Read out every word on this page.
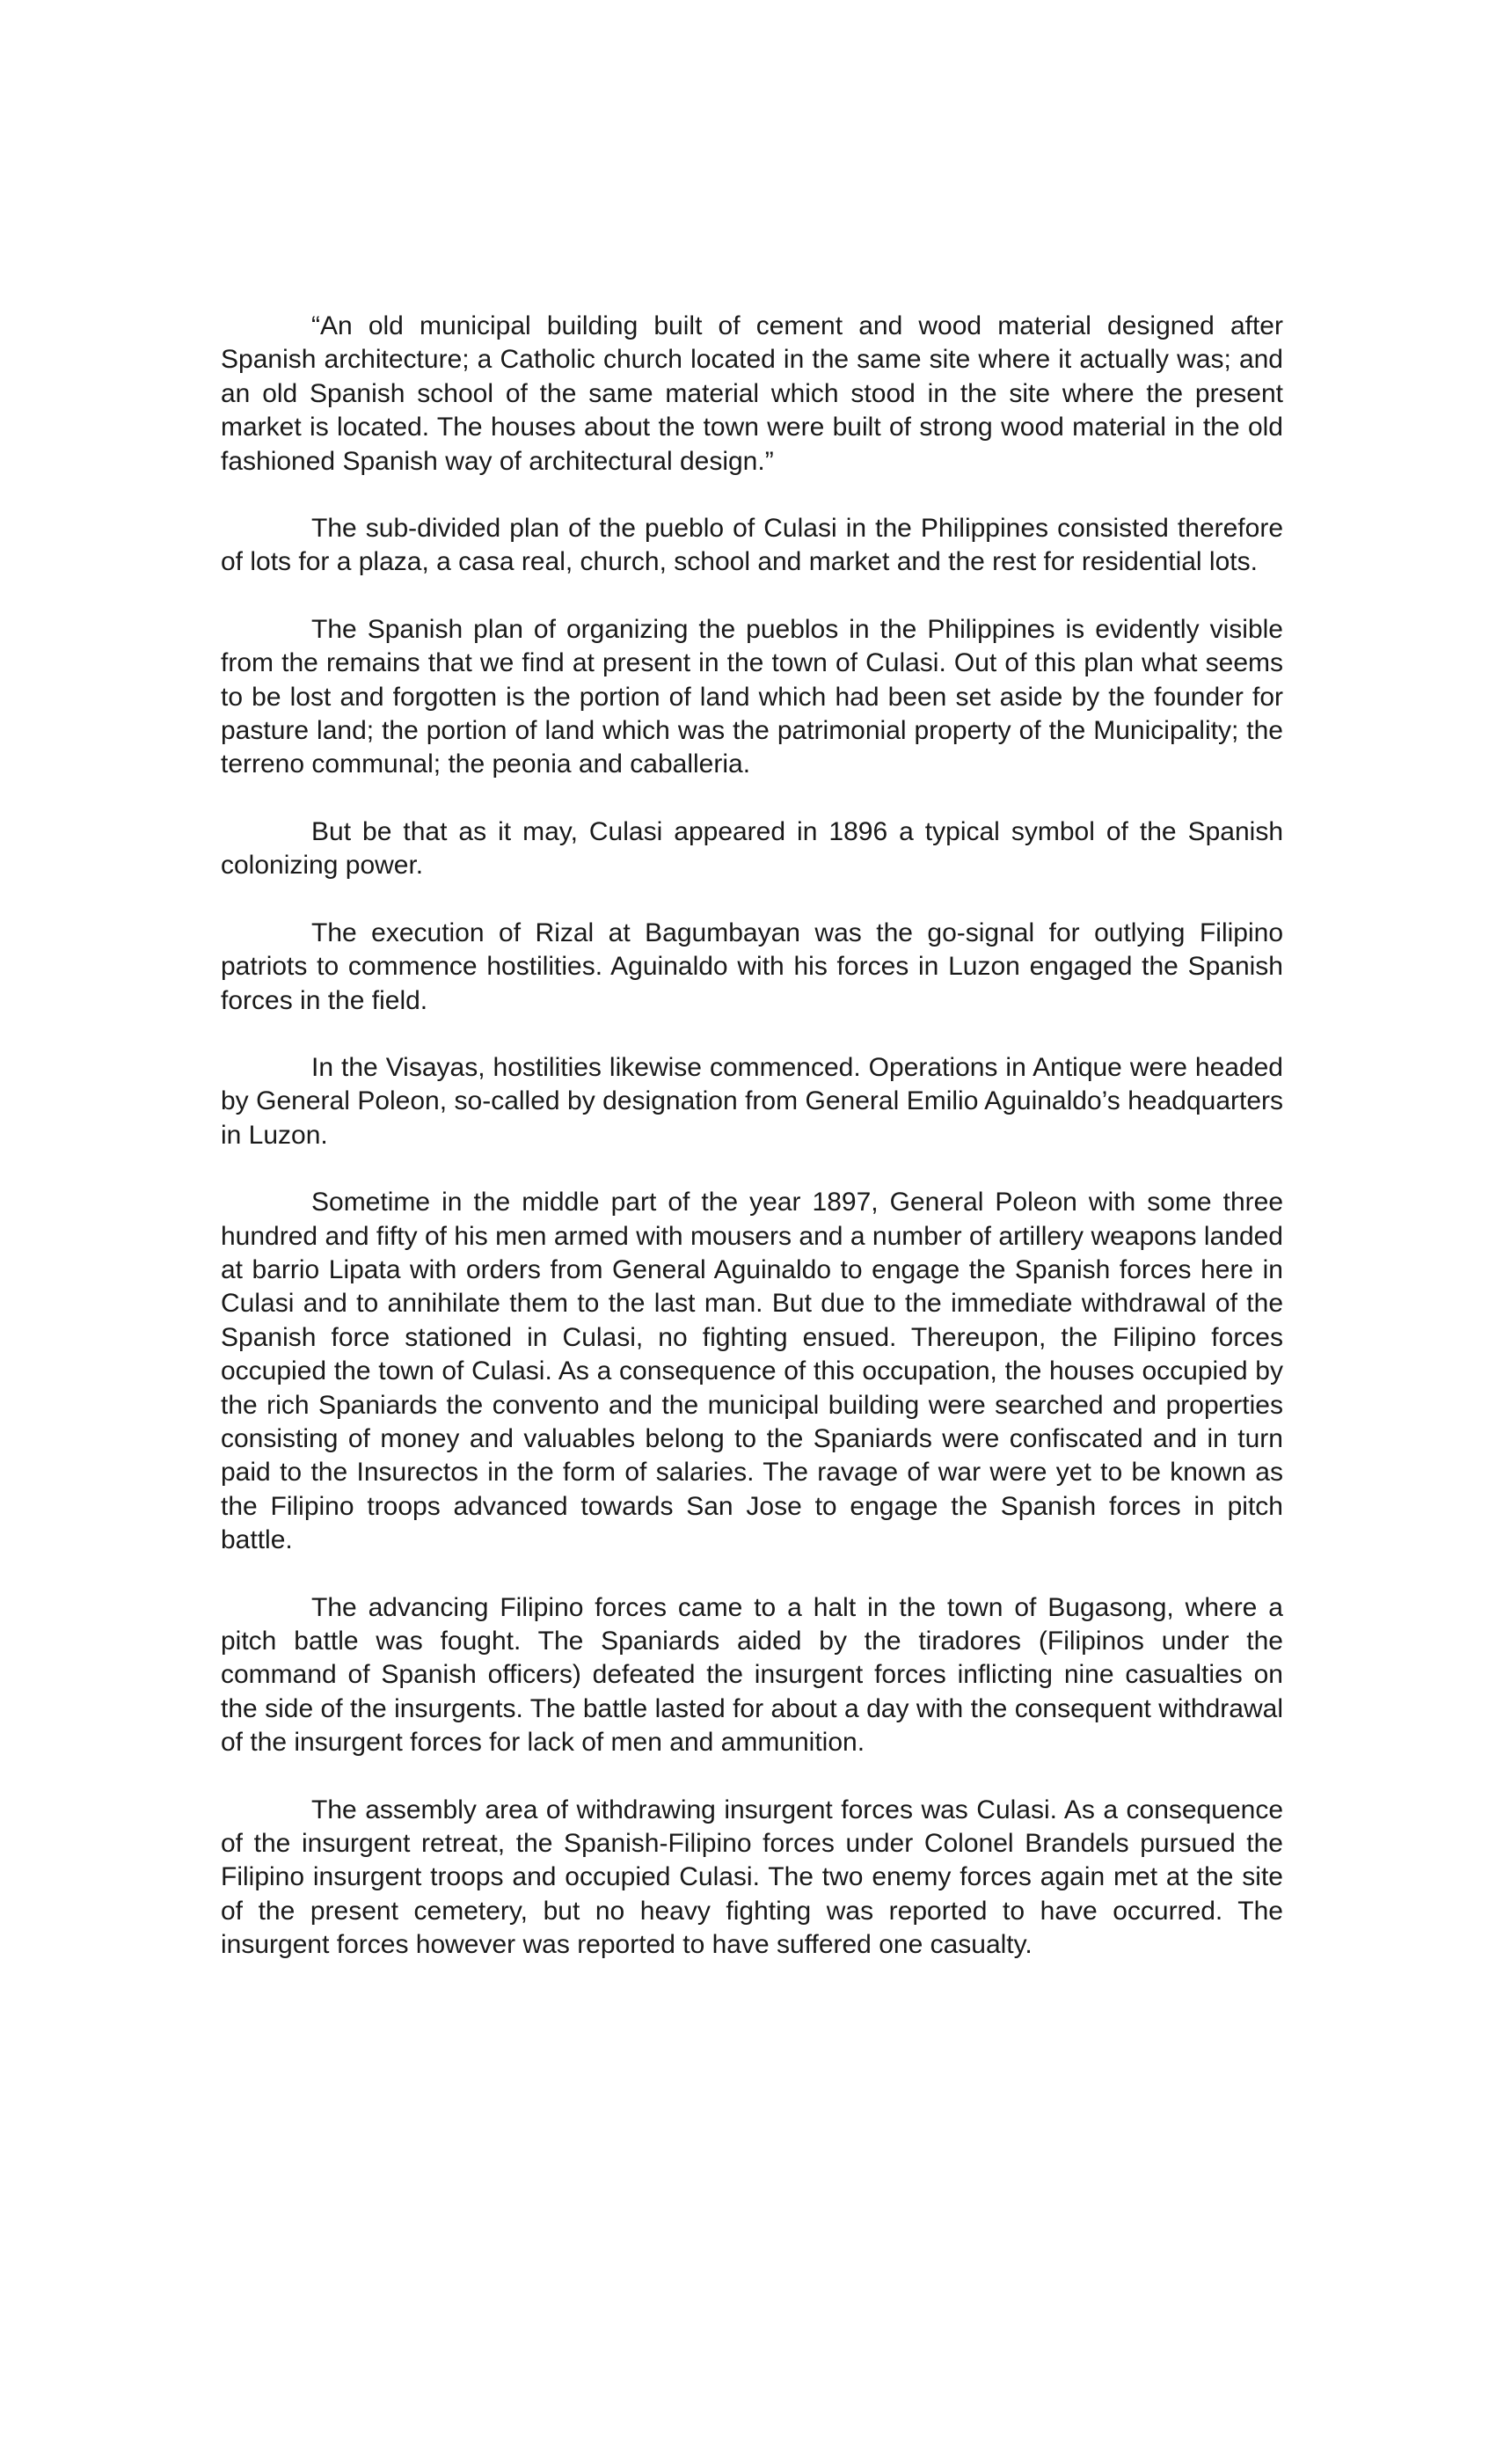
“An old municipal building built of cement and wood material designed after Spanish architecture; a Catholic church located in the same site where it actually was; and an old Spanish school of the same material which stood in the site where the present market is located. The houses about the town were built of strong wood material in the old fashioned Spanish way of architectural design.”

The sub-divided plan of the pueblo of Culasi in the Philippines consisted therefore of lots for a plaza, a casa real, church, school and market and the rest for residential lots.

The Spanish plan of organizing the pueblos in the Philippines is evidently visible from the remains that we find at present in the town of Culasi. Out of this plan what seems to be lost and forgotten is the portion of land which had been set aside by the founder for pasture land; the portion of land which was the patrimonial property of the Municipality; the terreno communal; the peonia and caballeria.

But be that as it may, Culasi appeared in 1896 a typical symbol of the Spanish colonizing power.

The execution of Rizal at Bagumbayan was the go-signal for outlying Filipino patriots to commence hostilities. Aguinaldo with his forces in Luzon engaged the Spanish forces in the field.

In the Visayas, hostilities likewise commenced. Operations in Antique were headed by General Poleon, so-called by designation from General Emilio Aguinaldo’s headquarters in Luzon.

Sometime in the middle part of the year 1897, General Poleon with some three hundred and fifty of his men armed with mousers and a number of artillery weapons landed at barrio Lipata with orders from General Aguinaldo to engage the Spanish forces here in Culasi and to annihilate them to the last man. But due to the immediate withdrawal of the Spanish force stationed in Culasi, no fighting ensued. Thereupon, the Filipino forces occupied the town of Culasi. As a consequence of this occupation, the houses occupied by the rich Spaniards the convento and the municipal building were searched and properties consisting of money and valuables belong to the Spaniards were confiscated and in turn paid to the Insurectos in the form of salaries. The ravage of war were yet to be known as the Filipino troops advanced towards San Jose to engage the Spanish forces in pitch battle.

The advancing Filipino forces came to a halt in the town of Bugasong, where a pitch battle was fought. The Spaniards aided by the tiradores (Filipinos under the command of Spanish officers) defeated the insurgent forces inflicting nine casualties on the side of the insurgents. The battle lasted for about a day with the consequent withdrawal of the insurgent forces for lack of men and ammunition.

The assembly area of withdrawing insurgent forces was Culasi. As a consequence of the insurgent retreat, the Spanish-Filipino forces under Colonel Brandels pursued the Filipino insurgent troops and occupied Culasi. The two enemy forces again met at the site of the present cemetery, but no heavy fighting was reported to have occurred. The insurgent forces however was reported to have suffered one casualty.
